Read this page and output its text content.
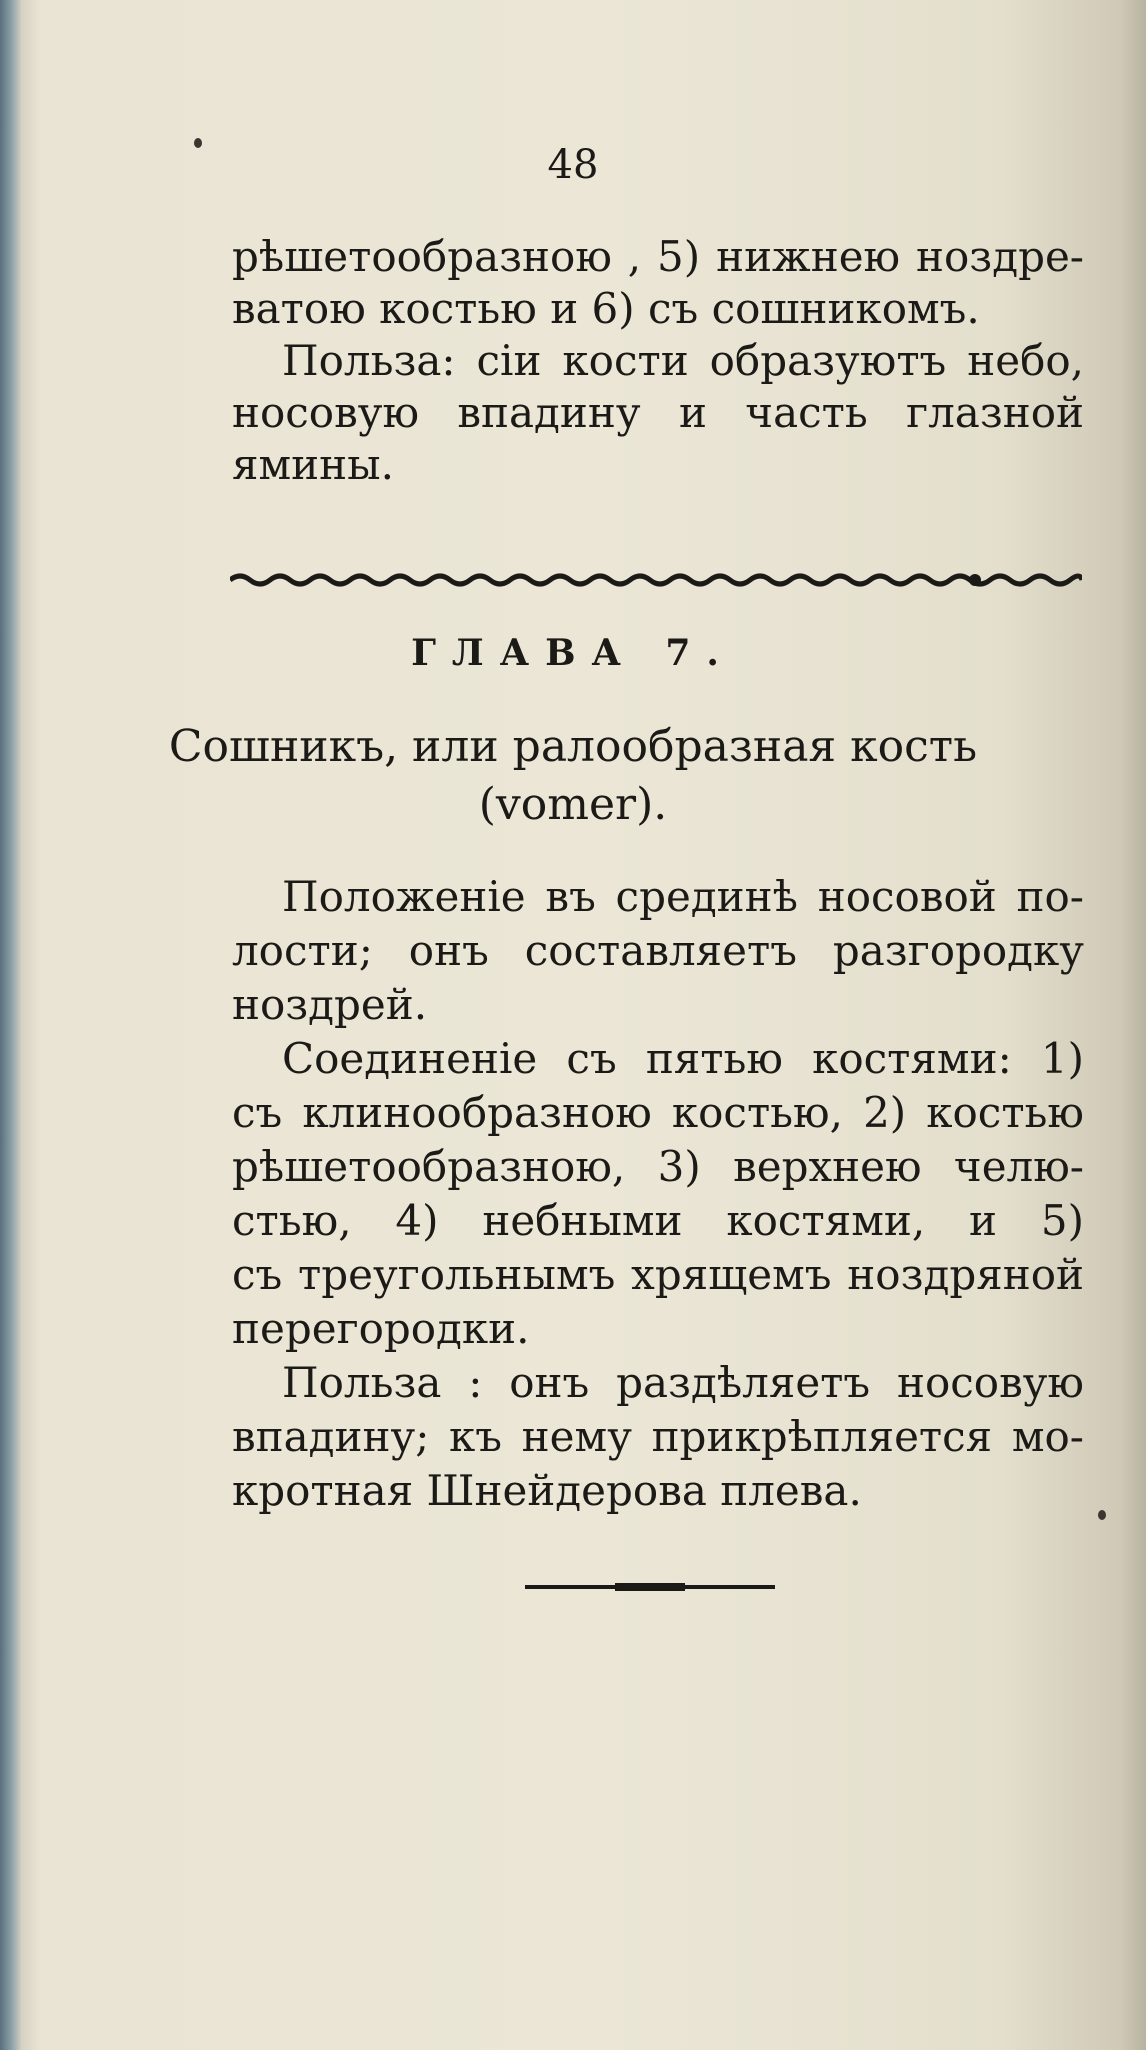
48
рѣшетообразною , 5) нижнею ноздре-
ватою костью и 6) съ сошникомъ.
Польза: сіи кости образуютъ небо,
носовую впадину и часть глазной
ямины.
ГЛАВА 7.
Сошникъ, или ралообразная кость
(vomer).
Положеніе въ срединѣ носовой по-
лости; онъ составляетъ разгородку
ноздрей.
Соединеніе съ пятью костями: 1)
съ клинообразною костью, 2) костью
рѣшетообразною, 3) верхнею челю-
стью, 4) небными костями, и 5)
съ треугольнымъ хрящемъ ноздряной
перегородки.
Польза : онъ раздѣляетъ носовую
впадину; къ нему прикрѣпляется мо-
кротная Шнейдерова плева.
